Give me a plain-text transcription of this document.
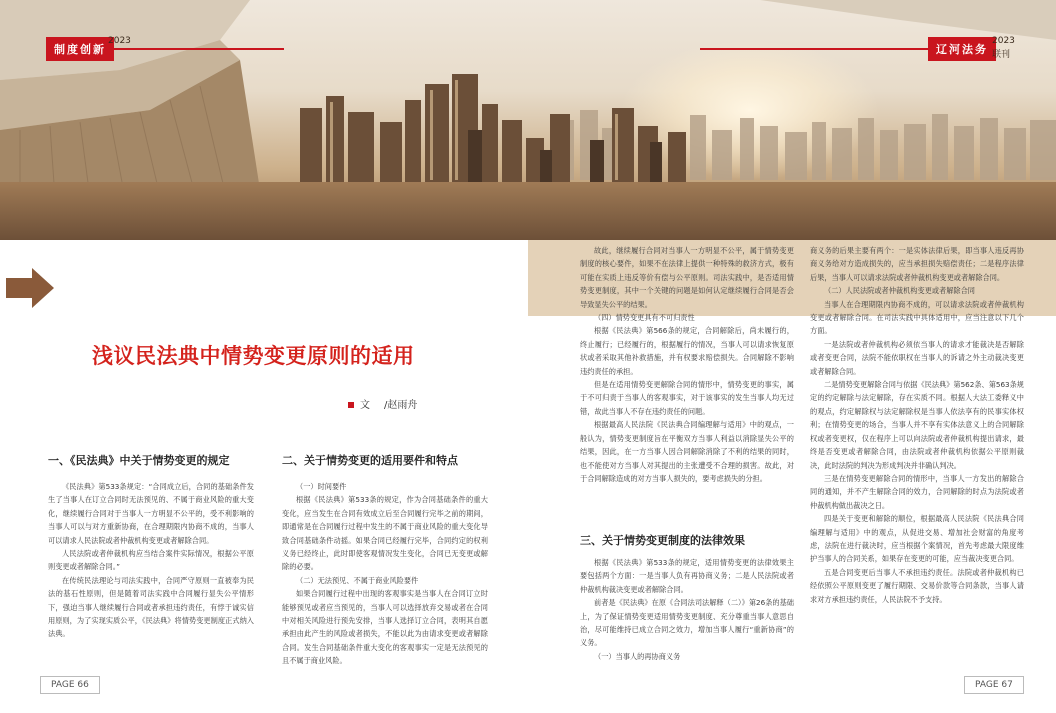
制度创新
2023
辽河法务
2023
联刊
浅议民法典中情势变更原则的适用
文 /赵雨舟
一、《民法典》中关于情势变更的规定

《民法典》第533条规定：“合同成立后，合同的基础条件发生了当事人在订立合同时无法预见的、不属于商业风险的重大变化，继续履行合同对于当事人一方明显不公平的，受不利影响的当事人可以与对方重新协商，在合理期限内协商不成的，当事人可以请求人民法院或者仲裁机构变更或者解除合同。

人民法院或者仲裁机构应当结合案件实际情况，根据公平原则变更或者解除合同。”

在传统民法理论与司法实践中，合同严守原则一直被奉为民法的基石性原则，但是随着司法实践中合同履行显失公平情形下，强迫当事人继续履行合同或者承担违约责任，有悖于诚实信用原则，为了实现实质公平，《民法典》将情势变更制度正式纳入法典。

二、关于情势变更的适用要件和特点

（一）时间要件

根据《民法典》第533条的规定，作为合同基础条件的重大变化，应当发生在合同有效成立后至合同履行完毕之前的期间，即通常是在合同履行过程中发生的不属于商业风险的重大变化导致合同基础条件动摇。如果合同已经履行完毕，合同约定的权利义务已经终止，此时即使客观情况发生变化，合同已无变更或解除的必要。

（二）无法预见、不属于商业风险要件

如果合同履行过程中出现的客观事实是当事人在合同订立时能够预见或者应当预见的，当事人可以选择放弃交易或者在合同中对相关风险进行预先安排，当事人选择订立合同，表明其自愿承担由此产生的风险或者损失，不能以此为由请求变更或者解除合同。发生合同基础条件重大变化的客观事实一定是无法预见的且不属于商业风险。

故此，继续履行合同对当事人一方明显不公平，属于情势变更制度的核心要件，如果不在法律上提供一种特殊的救济方式，极有可能在实质上违反等价有偿与公平原则。司法实践中，是否适用情势变更制度，其中一个关键的问题是如何认定继续履行合同是否会导致显失公平的结果。

（四）情势变更具有不可归责性

根据《民法典》第566条的规定，合同解除后，尚未履行的，终止履行；已经履行的，根据履行的情况，当事人可以请求恢复原状或者采取其他补救措施，并有权要求赔偿损失。合同解除不影响违约责任的承担。

但是在适用情势变更解除合同的情形中，情势变更的事实，属于不可归责于当事人的客观事实，对于该事实的发生当事人均无过错，故此当事人不存在违约责任的问题。

根据最高人民法院《民法典合同编理解与适用》中的观点，一般认为，情势变更制度旨在平衡双方当事人利益以消除显失公平的结果，因此，在一方当事人因合同解除消除了不利的结果的同时，也不能使对方当事人对其提出的主张遭受不合理的损害。故此，对于合同解除造成的对方当事人损失的，要考虑损失的分担。

三、关于情势变更制度的法律效果

根据《民法典》第533条的规定，适用情势变更的法律效果主要包括两个方面：一是当事人负有再协商义务；二是人民法院或者仲裁机构裁决变更或者解除合同。

前者是《民法典》在原《合同法司法解释（二）》第26条的基础上，为了保证情势变更适用情势变更制度、充分尊重当事人意思自治，尽可能维持已成立合同之效力，增加当事人履行“重新协商”的义务。

（一）当事人的再协商义务

商义务的后果主要有两个：一是实体法律后果，即当事人违反再协商义务给对方造成损失的，应当承担损失赔偿责任；二是程序法律后果，当事人可以请求法院或者仲裁机构变更或者解除合同。

（二）人民法院或者仲裁机构变更或者解除合同

当事人在合理期限内协商不成的，可以请求法院或者仲裁机构变更或者解除合同。在司法实践中具体适用中，应当注意以下几个方面。

一是法院或者仲裁机构必须依当事人的请求才能裁决是否解除或者变更合同，法院不能依职权在当事人的诉请之外主动裁决变更或者解除合同。

二是情势变更解除合同与依据《民法典》第562条、第563条规定的约定解除与法定解除，存在实质不同。根据人大法工委释义中的观点，约定解除权与法定解除权是当事人依法享有的民事实体权利；在情势变更的场合，当事人并不享有实体法意义上的合同解除权或者变更权，仅在程序上可以向法院或者仲裁机构提出请求，最终是否变更或者解除合同，由法院或者仲裁机构依据公平原则裁决，此时法院的判决为形成判决并非确认判决。

三是在情势变更解除合同的情形中，当事人一方发出的解除合同的通知，并不产生解除合同的效力，合同解除的时点为法院或者仲裁机构做出裁决之日。

四是关于变更和解除的顺位，根据最高人民法院《民法典合同编理解与适用》中的观点，从促进交易、增加社会财富的角度考虑，法院在进行裁决时，应当根据个案情况，首先考虑最大限度维护当事人的合同关系，如果存在变更的可能，应当裁决变更合同。

五是合同变更后当事人不承担违约责任。法院或者仲裁机构已经依照公平原则变更了履行期限、交易价款等合同条款，当事人请求对方承担违约责任，人民法院不予支持。

PAGE 66	PAGE 67
